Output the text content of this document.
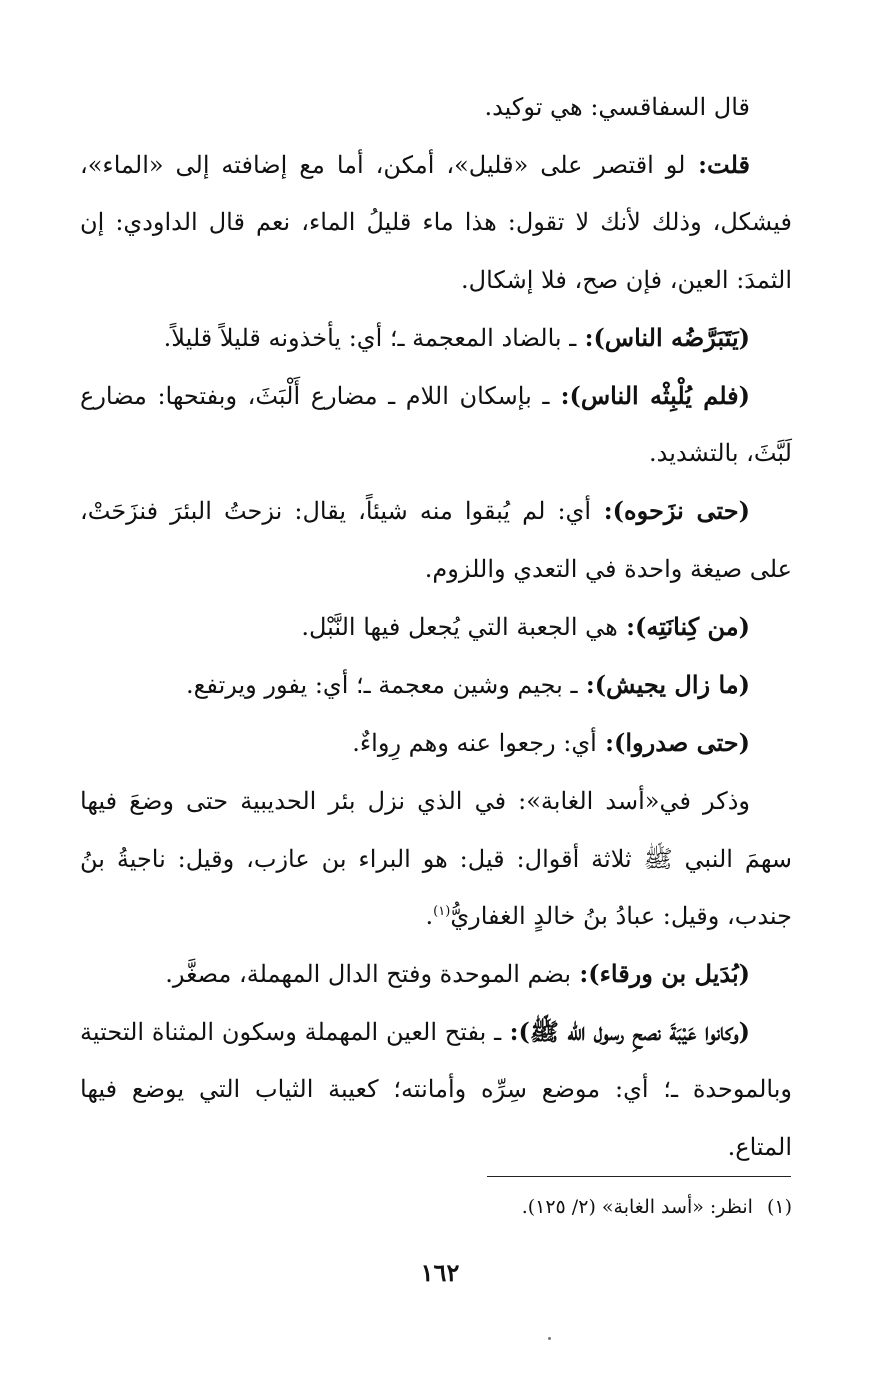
قال السفاقسي: هي توكيد.

قلت: لو اقتصر على «قليل»، أمكن، أما مع إضافته إلى «الماء»، فيشكل، وذلك لأنك لا تقول: هذا ماء قليلُ الماء، نعم قال الداودي: إن الثمدَ: العين، فإن صح، فلا إشكال.

(يَتَبَرَّضُه الناس): ـ بالضاد المعجمة ـ؛ أي: يأخذونه قليلاً قليلاً.

(فلم يُلْبِثْه الناس): ـ بإسكان اللام ـ مضارع أَلْبَثَ، وبفتحها: مضارع لَبَّثَ، بالتشديد.

(حتى نزَحوه): أي: لم يُبقوا منه شيئاً، يقال: نزحتُ البئرَ فنزَحَتْ، على صيغة واحدة في التعدي واللزوم.

(من كِنانَتِه): هي الجعبة التي يُجعل فيها النَّبْل.

(ما زال يجيش): ـ بجيم وشين معجمة ـ؛ أي: يفور ويرتفع.

(حتى صدروا): أي: رجعوا عنه وهم رِواءٌ.

وذكر في«أسد الغابة»: في الذي نزل بئر الحديبية حتى وضعَ فيها سهمَ النبي ﷺ ثلاثة أقوال: قيل: هو البراء بن عازب، وقيل: ناجيةُ بنُ جندب، وقيل: عبادُ بنُ خالدٍ الغفاريُّ$^{(١)}$.

(بُدَيل بن ورقاء): بضم الموحدة وفتح الدال المهملة، مصغَّر.

(وكانوا عَيْبَةَ نصحِ رسول الله ﷺ): ـ بفتح العين المهملة وسكون المثناة التحتية وبالموحدة ـ؛ أي: موضع سِرِّه وأمانته؛ كعيبة الثياب التي يوضع فيها المتاع.

(١)انظر: «أسد الغابة» (٢/ ١٢٥).
١٦٢
